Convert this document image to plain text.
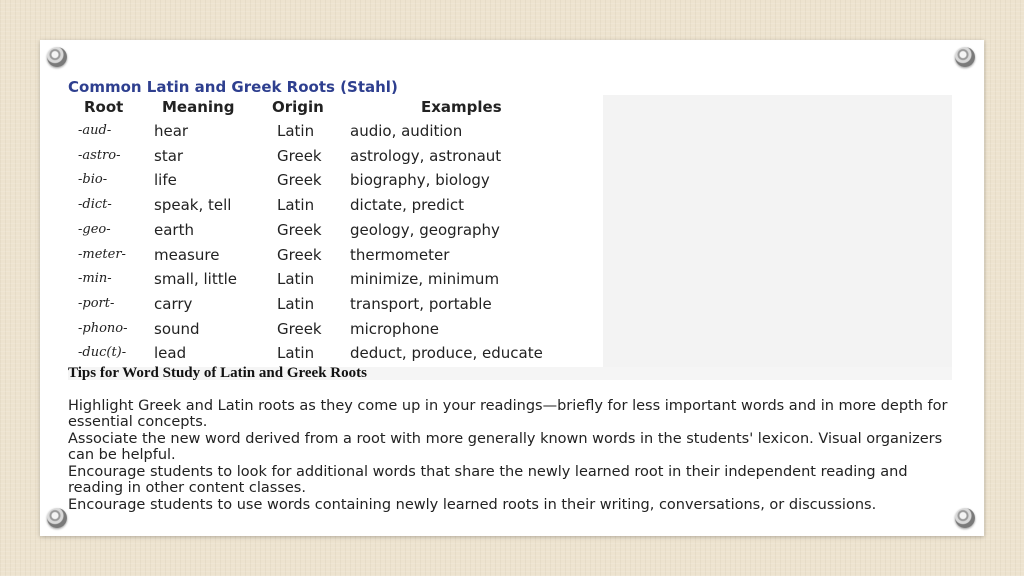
Common Latin and Greek Roots (Stahl)
Root	Meaning	Origin	Examples
-aud-	hear	Latin audio, audition
-astro- star	Greek astrology, astronaut
-bio-	life	Greek biography, biology
-dict-	speak, tell	Latin dictate, predict
-geo-	earth	Greek geology, geography
-meter- measure	Greek thermometer
-min-	small, little	Latin minimize, minimum
-port-	carry	Latin transport, portable
-phono- sound	Greek microphone
-duc(t)- lead	Latin deduct, produce, educate
Tips for Word Study of Latin and Greek Roots

Highlight Greek and Latin roots as they come up in your readings—briefly for less important words and in more depth for essential concepts.

Associate the new word derived from a root with more generally known words in the students' lexicon. Visual organizers can be helpful.

Encourage students to look for additional words that share the newly learned root in their independent reading and reading in other content classes.

Encourage students to use words containing newly learned roots in their writing, conversations, or discussions.
